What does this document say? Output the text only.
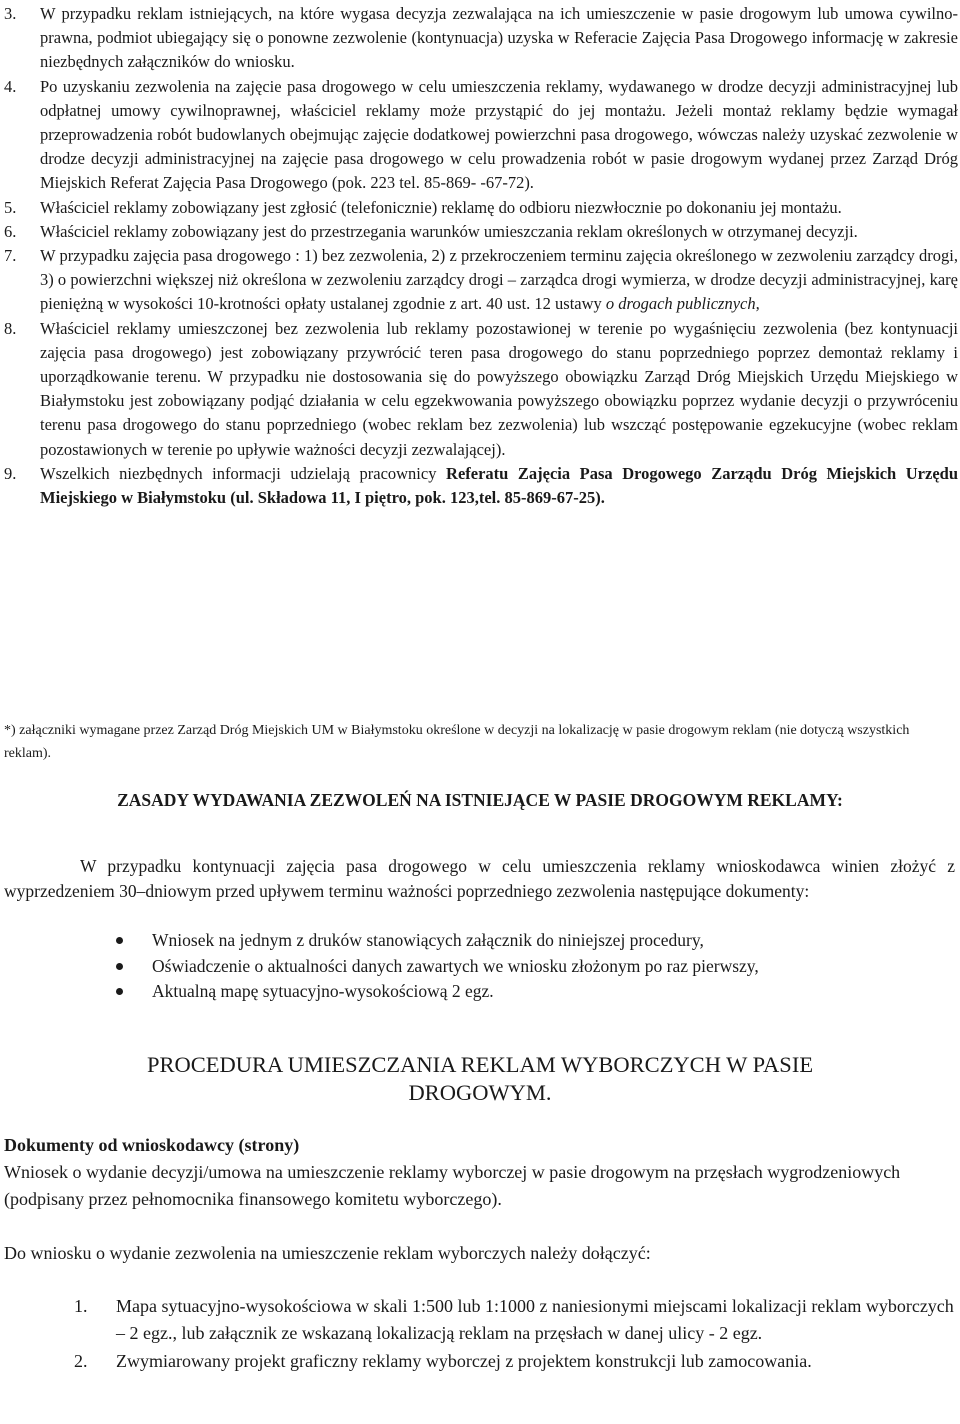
3.	W przypadku reklam istniejących, na które wygasa decyzja zezwalająca na ich umieszczenie w pasie drogowym lub umowa cywilno-prawna, podmiot ubiegający się o ponowne zezwolenie (kontynuacja) uzyska w Referacie Zajęcia Pasa Drogowego informację w zakresie niezbędnych załączników do wniosku.
4.	Po uzyskaniu zezwolenia na zajęcie pasa drogowego w celu umieszczenia reklamy, wydawanego w drodze decyzji administracyjnej lub odpłatnej umowy cywilnoprawnej, właściciel reklamy może przystąpić do jej montażu. Jeżeli montaż reklamy będzie wymagał przeprowadzenia robót budowlanych obejmując zajęcie dodatkowej powierzchni pasa drogowego, wówczas należy uzyskać zezwolenie w drodze decyzji administracyjnej na zajęcie pasa drogowego w celu prowadzenia robót w pasie drogowym wydanej przez Zarząd Dróg Miejskich Referat Zajęcia Pasa Drogowego (pok. 223 tel. 85-869- -67-72).
5.	Właściciel reklamy zobowiązany jest zgłosić (telefonicznie) reklamę do odbioru niezwłocznie po dokonaniu jej montażu.
6.	Właściciel reklamy zobowiązany jest do przestrzegania warunków umieszczania reklam określonych w otrzymanej decyzji.
7.	W przypadku zajęcia pasa drogowego : 1) bez zezwolenia, 2) z przekroczeniem terminu zajęcia określonego w zezwoleniu zarządcy drogi, 3) o powierzchni większej niż określona w zezwoleniu zarządcy drogi – zarządca drogi wymierza, w drodze decyzji administracyjnej, karę pieniężną w wysokości 10-krotności opłaty ustalanej zgodnie z art. 40 ust. 12 ustawy o drogach publicznych,
8.	Właściciel reklamy umieszczonej bez zezwolenia lub reklamy pozostawionej w terenie po wygaśnięciu zezwolenia (bez kontynuacji zajęcia pasa drogowego) jest zobowiązany przywrócić teren pasa drogowego do stanu poprzedniego poprzez demontaż reklamy i uporządkowanie terenu. W przypadku nie dostosowania się do powyższego obowiązku Zarząd Dróg Miejskich Urzędu Miejskiego w Białymstoku jest zobowiązany podjąć działania w celu egzekwowania powyższego obowiązku poprzez wydanie decyzji o przywróceniu terenu pasa drogowego do stanu poprzedniego (wobec reklam bez zezwolenia) lub wszcząć postępowanie egzekucyjne (wobec reklam pozostawionych w terenie po upływie ważności decyzji zezwalającej).
9.	Wszelkich niezbędnych informacji udzielają pracownicy Referatu Zajęcia Pasa Drogowego Zarządu Dróg Miejskich Urzędu Miejskiego w Białymstoku (ul. Składowa 11, I piętro, pok. 123,tel. 85-869-67-25).
*) załączniki wymagane przez Zarząd Dróg Miejskich UM w Białymstoku określone w decyzji na lokalizację w pasie drogowym reklam (nie dotyczą wszystkich reklam).
ZASADY WYDAWANIA ZEZWOLEŃ NA ISTNIEJĄCE W PASIE DROGOWYM REKLAMY:
W przypadku kontynuacji zajęcia pasa drogowego w celu umieszczenia reklamy wnioskodawca winien złożyć z wyprzedzeniem 30–dniowym przed upływem terminu ważności poprzedniego zezwolenia następujące dokumenty:
Wniosek na jednym z druków stanowiących załącznik do niniejszej procedury,
Oświadczenie o aktualności danych zawartych we wniosku złożonym po raz pierwszy,
Aktualną mapę sytuacyjno-wysokościową 2 egz.
PROCEDURA UMIESZCZANIA REKLAM WYBORCZYCH W PASIE
DROGOWYM.
Dokumenty od wnioskodawcy (strony)
Wniosek o wydanie decyzji/umowa na umieszczenie reklamy wyborczej w pasie drogowym na przęsłach wygrodzeniowych (podpisany przez pełnomocnika finansowego komitetu wyborczego).
Do wniosku o wydanie zezwolenia na umieszczenie reklam wyborczych należy dołączyć:
1.	Mapa sytuacyjno-wysokościowa w skali 1:500 lub 1:1000 z naniesionymi miejscami lokalizacji reklam wyborczych – 2 egz., lub załącznik ze wskazaną lokalizacją reklam na przęsłach w danej ulicy - 2 egz.
2.	Zwymiarowany projekt graficzny reklamy wyborczej z projektem konstrukcji lub zamocowania.
